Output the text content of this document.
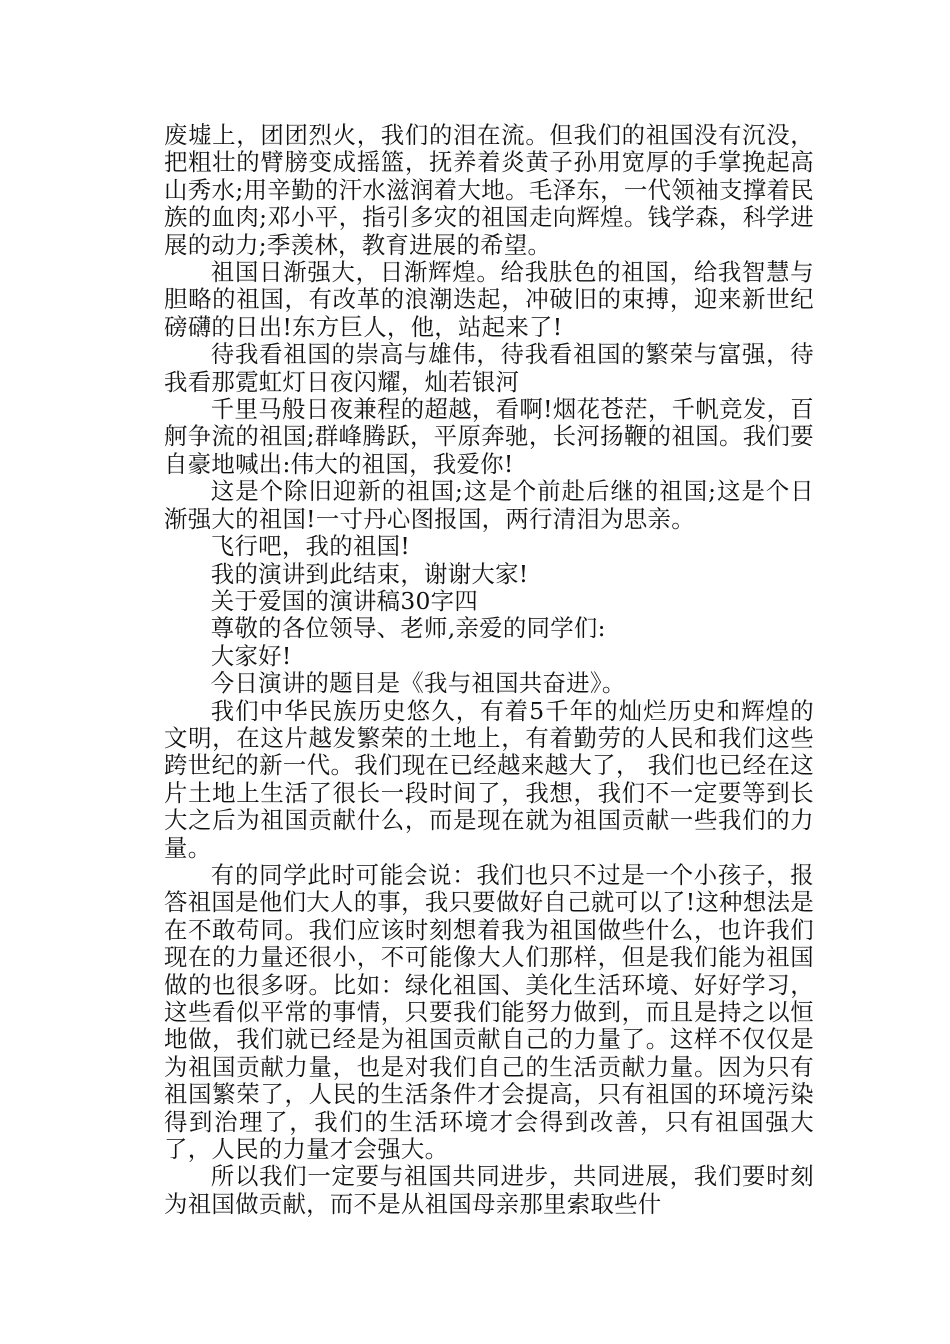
废墟上，团团烈火，我们的泪在流。但我们的祖国没有沉没，把粗壮的臂膀变成摇篮，抚养着炎黄子孙用宽厚的手掌挽起高山秀水;用辛勤的汗水滋润着大地。毛泽东，一代领袖支撑着民族的血肉;邓小平，指引多灾的祖国走向辉煌。钱学森，科学进展的动力;季羡林，教育进展的希望。

祖国日渐强大，日渐辉煌。给我肤色的祖国，给我智慧与胆略的祖国，有改革的浪潮迭起，冲破旧的束搏，迎来新世纪磅礴的日出!东方巨人，他，站起来了!

待我看祖国的崇高与雄伟，待我看祖国的繁荣与富强，待我看那霓虹灯日夜闪耀，灿若银河

千里马般日夜兼程的超越，看啊!烟花苍茫，千帆竞发，百舸争流的祖国;群峰腾跃，平原奔驰，长河扬鞭的祖国。我们要自豪地喊出:伟大的祖国，我爱你!

这是个除旧迎新的祖国;这是个前赴后继的祖国;这是个日渐强大的祖国!一寸丹心图报国，两行清泪为思亲。

飞行吧，我的祖国!

我的演讲到此结束，谢谢大家!

关于爱国的演讲稿30字四

尊敬的各位领导、老师,亲爱的同学们:

大家好!

今日演讲的题目是《我与祖国共奋进》。

我们中华民族历史悠久，有着5千年的灿烂历史和辉煌的文明，在这片越发繁荣的土地上，有着勤劳的人民和我们这些跨世纪的新一代。我们现在已经越来越大了， 我们也已经在这片土地上生活了很长一段时间了，我想，我们不一定要等到长大之后为祖国贡献什么，而是现在就为祖国贡献一些我们的力量。

有的同学此时可能会说：我们也只不过是一个小孩子，报答祖国是他们大人的事，我只要做好自己就可以了!这种想法是在不敢苟同。我们应该时刻想着我为祖国做些什么，也许我们现在的力量还很小，不可能像大人们那样，但是我们能为祖国做的也很多呀。比如：绿化祖国、美化生活环境、好好学习，这些看似平常的事情，只要我们能努力做到，而且是持之以恒地做，我们就已经是为祖国贡献自己的力量了。这样不仅仅是为祖国贡献力量，也是对我们自己的生活贡献力量。因为只有祖国繁荣了，人民的生活条件才会提高，只有祖国的环境污染得到治理了，我们的生活环境才会得到改善，只有祖国强大了，人民的力量才会强大。

所以我们一定要与祖国共同进步，共同进展，我们要时刻为祖国做贡献，而不是从祖国母亲那里索取些什
